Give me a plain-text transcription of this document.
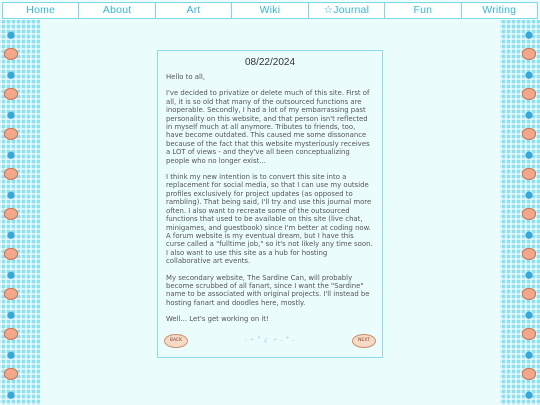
Home	About	Art	Wiki	☆Journal	Fun	Writing
08/22/2024

Hello to all,

I've decided to privatize or delete much of this site. First of all, it is so old that many of the outsourced functions are inoperable. Secondly, I had a lot of my embarrassing past personality on this website, and that person isn't reflected in myself much at all anymore. Tributes to friends, too, have become outdated. This caused me some dissonance because of the fact that this website mysteriously receives a LOT of views - and they've all been conceptualizing people who no longer exist...

I think my new intention is to convert this site into a replacement for social media, so that I can use my outside profiles exclusively for project updates (as opposed to rambling). That being said, I'll try and use this journal more often. I also want to recreate some of the outsourced functions that used to be available on this site (live chat, minigames, and guestbook) since I'm better at coding now. A forum website is my eventual dream, but I have this curse called a "fulltime job," so it's not likely any time soon. I also want to use this site as a hub for hosting collaborative art events.

My secondary website, The Sardine Can, will probably become scrubbed of all fanart, since I want the "Sardine" name to be associated with original projects. I'll instead be hosting fanart and doodles here, mostly.

Well... Let's get working on it!

BACK	· ⁺ ˚ ☾ ⁺ · ˚ ·	NEXT
